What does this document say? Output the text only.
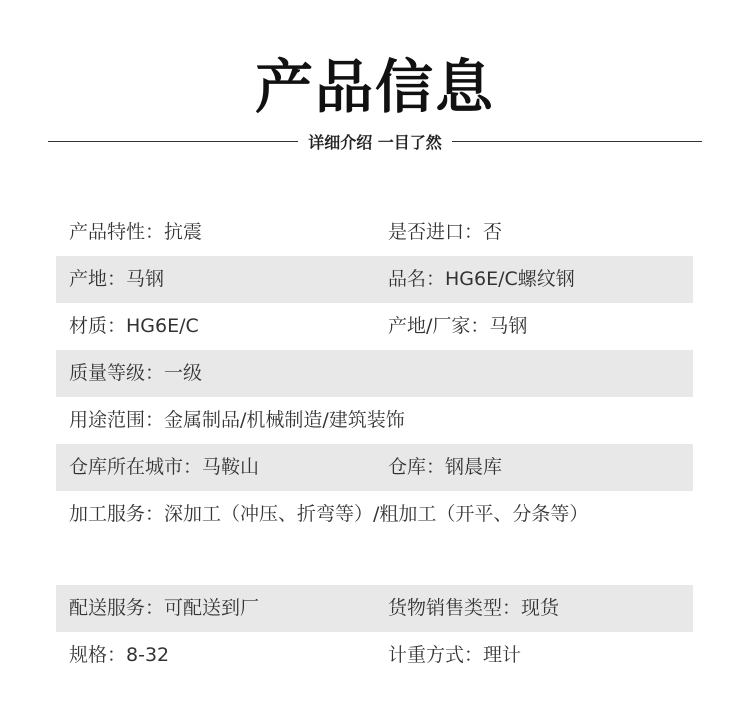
产品信息
详细介绍 一目了然
产品特性：抗震	是否进口：否
产地：马钢	品名：HG6E/C螺纹钢
材质：HG6E/C	产地/厂家：马钢
质量等级：一级
用途范围：金属制品/机械制造/建筑装饰
仓库所在城市：马鞍山	仓库：钢晨库
加工服务：深加工（冲压、折弯等）/粗加工（开平、分条等）
配送服务：可配送到厂	货物销售类型：现货
规格：8-32	计重方式：理计
